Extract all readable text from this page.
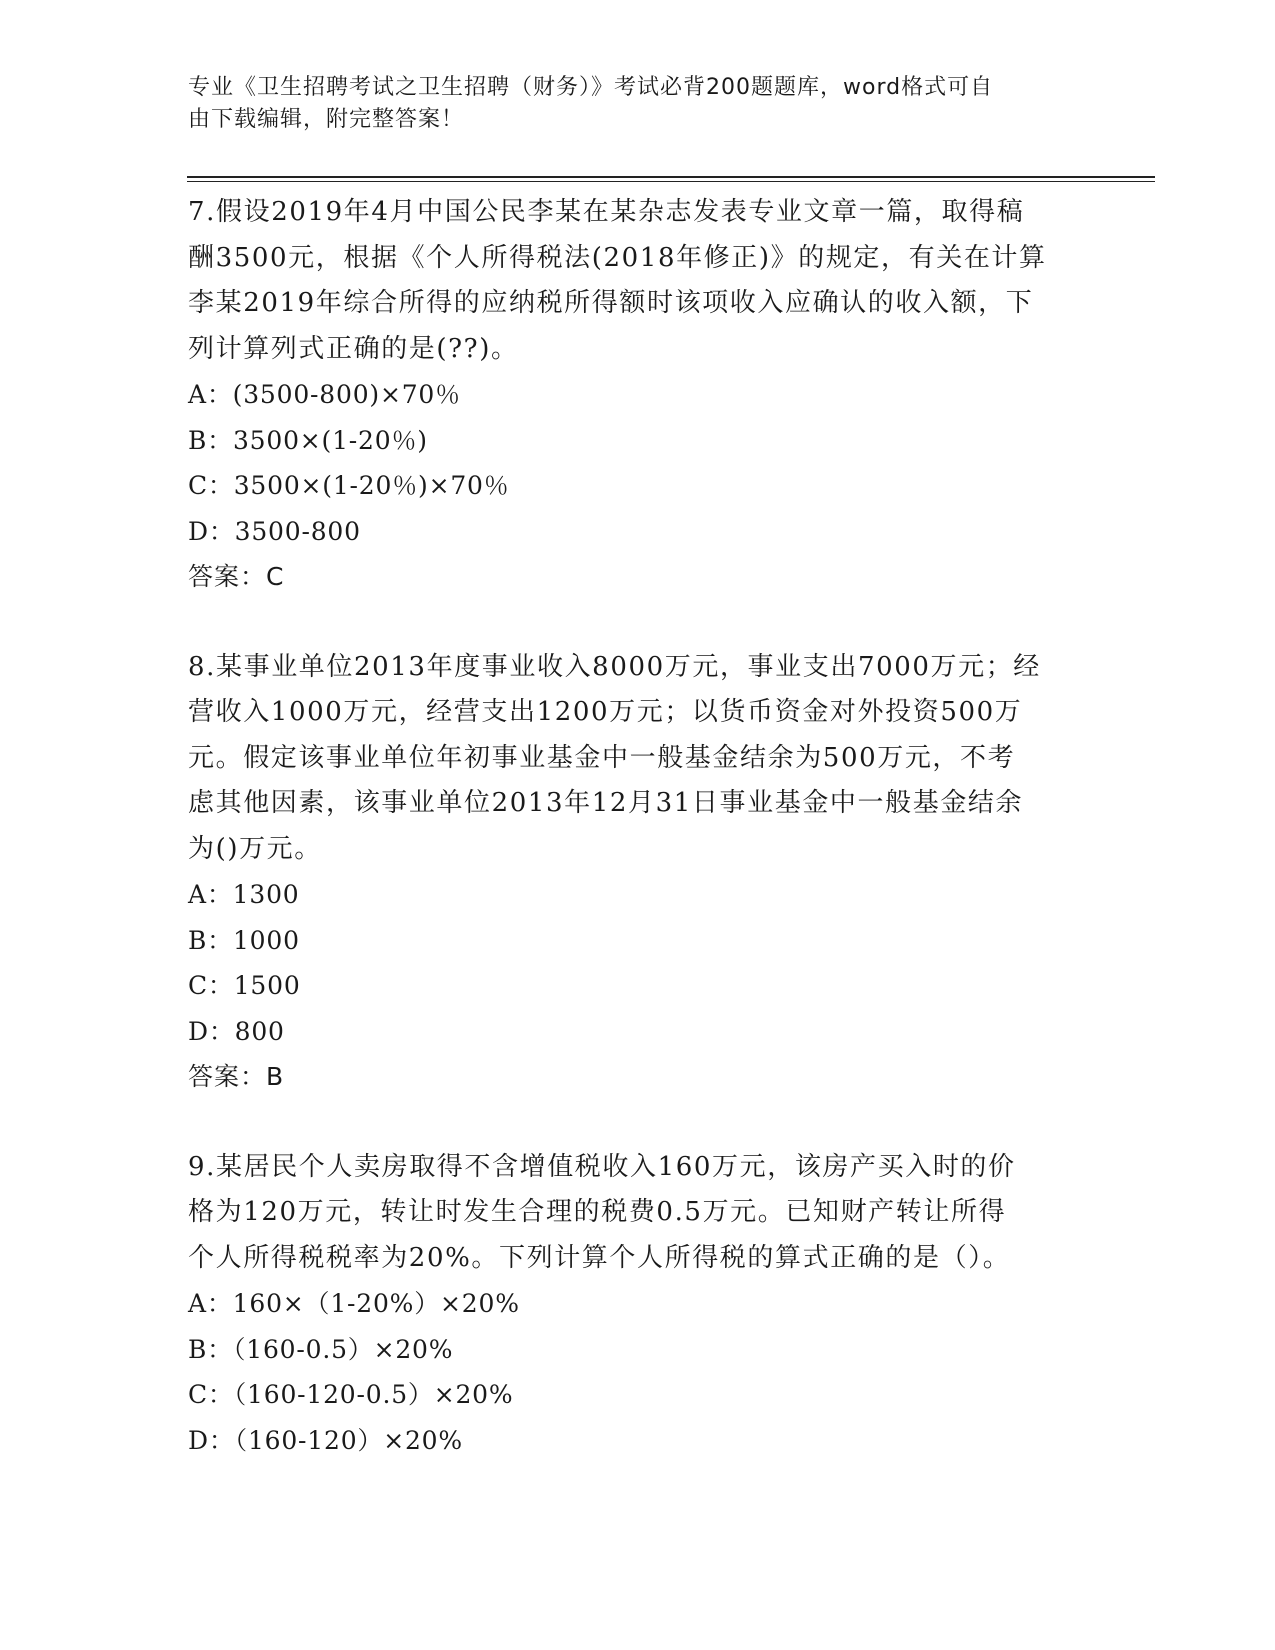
专业《卫生招聘考试之卫生招聘（财务）》考试必背200题题库，word格式可自
由下载编辑，附完整答案！

7.假设2019年4月中国公民李某在某杂志发表专业文章一篇，取得稿

酬3500元，根据《个人所得税法(2018年修正)》的规定，有关在计算

李某2019年综合所得的应纳税所得额时该项收入应确认的收入额，下

列计算列式正确的是(??)。

A：(3500-800)×70％

B：3500×(1-20％)

C：3500×(1-20％)×70％

D：3500-800

答案：C

8.某事业单位2013年度事业收入8000万元，事业支出7000万元；经

营收入1000万元，经营支出1200万元；以货币资金对外投资500万

元。假定该事业单位年初事业基金中一般基金结余为500万元，不考

虑其他因素，该事业单位2013年12月31日事业基金中一般基金结余

为()万元。

A：1300

B：1000

C：1500

D：800

答案：B

9.某居民个人卖房取得不含增值税收入160万元，该房产买入时的价

格为120万元，转让时发生合理的税费0.5万元。已知财产转让所得

个人所得税税率为20%。下列计算个人所得税的算式正确的是（）。

A：160×（1-20%）×20%

B：（160-0.5）×20%

C：（160-120-0.5）×20%

D：（160-120）×20%
